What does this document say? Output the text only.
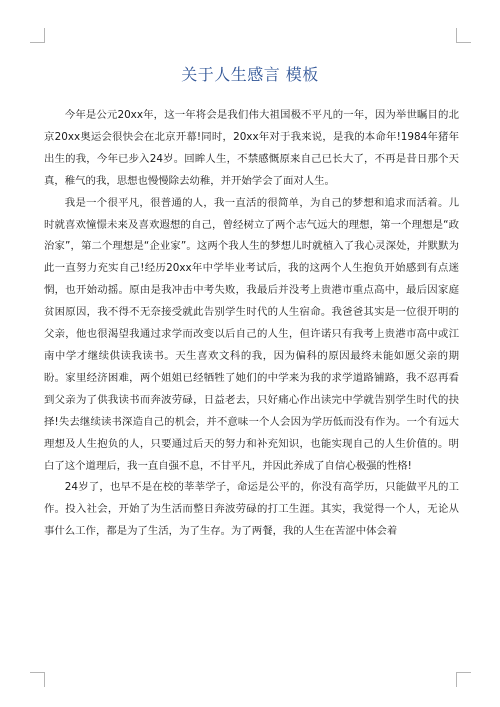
关于人生感言 模板

今年是公元20xx年，这一年将会是我们伟大祖国极不平凡的一年，因为举世瞩目的北京20xx奥运会很快会在北京开幕!同时，20xx年对于我来说，是我的本命年!1984年猪年出生的我，今年已步入24岁。回眸人生，不禁感慨原来自己已长大了，不再是昔日那个天真，稚气的我，思想也慢慢除去幼稚，并开始学会了面对人生。

我是一个很平凡，很普通的人，我一直活的很简单，为自己的梦想和追求而活着。儿时就喜欢憧憬未来及喜欢遐想的自己，曾经树立了两个志气远大的理想，第一个理想是“政治家”，第二个理想是“企业家”。这两个我人生的梦想儿时就植入了我心灵深处，并默默为此一直努力充实自己!经历20xx年中学毕业考试后，我的这两个人生抱负开始感到有点迷惘，也开始动摇。原由是我冲击中考失败，我最后并没考上贵港市重点高中，最后因家庭贫困原因，我不得不无奈接受就此告别学生时代的人生宿命。我爸爸其实是一位很开明的父亲，他也很渴望我通过求学而改变以后自己的人生，但许诺只有我考上贵港市高中或江南中学才继续供读我读书。天生喜欢文科的我，因为偏科的原因最终未能如愿父亲的期盼。家里经济困难，两个姐姐已经牺牲了她们的中学来为我的求学道路铺路，我不忍再看到父亲为了供我读书而奔波劳碌，日益老去，只好痛心作出读完中学就告别学生时代的抉择!失去继续读书深造自己的机会，并不意味一个人会因为学历低而没有作为。一个有远大理想及人生抱负的人，只要通过后天的努力和补充知识，也能实现自己的人生价值的。明白了这个道理后，我一直自强不息，不甘平凡，并因此养成了自信心极强的性格!

24岁了，也早不是在校的莘莘学子，命运是公平的，你没有高学历，只能做平凡的工作。投入社会，开始了为生活而整日奔波劳碌的打工生涯。其实，我觉得一个人，无论从事什么工作，都是为了生活，为了生存。为了两餐，我的人生在苦涩中体会着
